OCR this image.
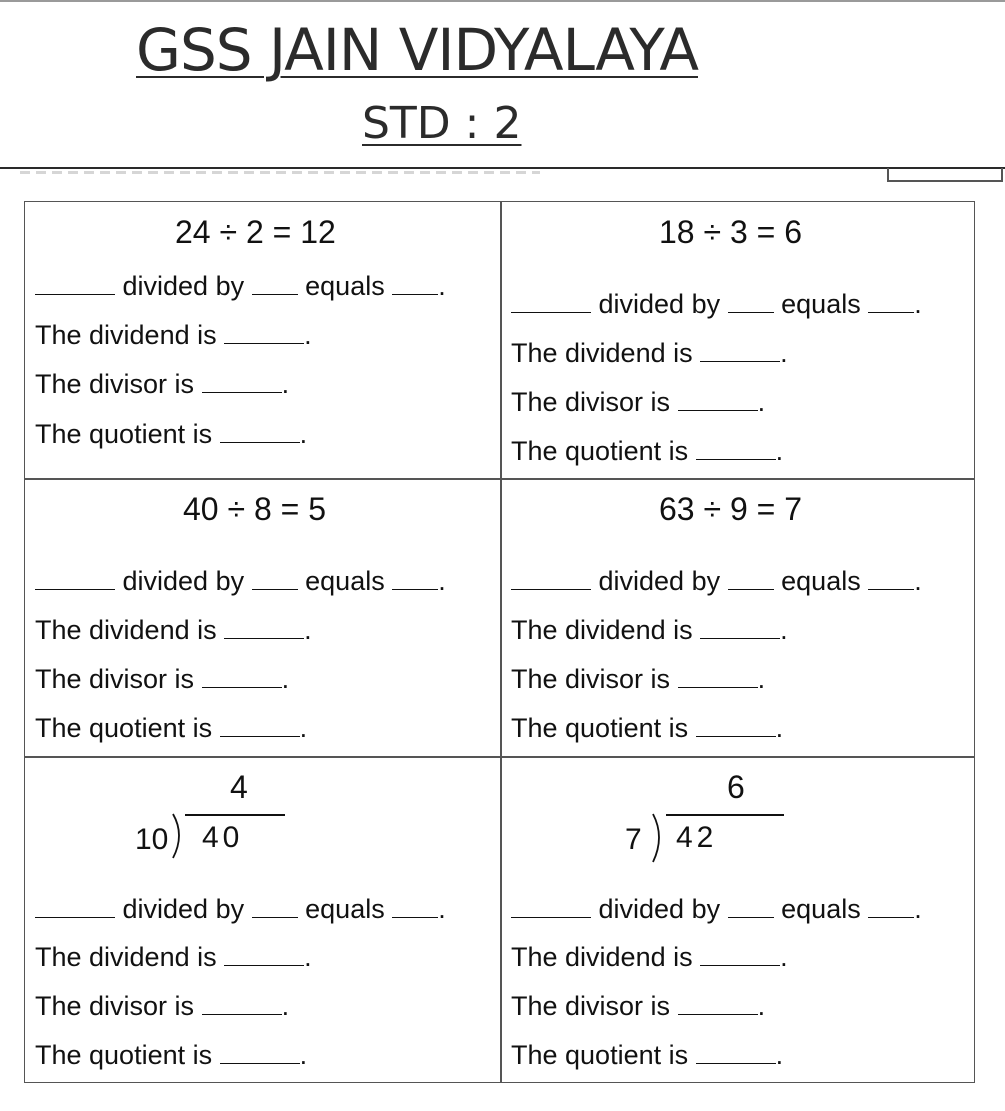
GSS JAIN VIDYALAYA
STD : 2
24 ÷ 2 = 12
divided by equals .
The dividend is	.
The divisor is	.
The quotient is	.
18 ÷ 3 = 6
divided by equals .
The dividend is	.
The divisor is	.
The quotient is	.
40 ÷ 8 = 5
divided by equals .
The dividend is	.
The divisor is	.
The quotient is	.
63 ÷ 9 = 7
divided by equals .
The dividend is	.
The divisor is	.
The quotient is	.
4
10 40
divided by equals .
The dividend is	.
The divisor is	.
The quotient is	.
6
7 42
divided by equals .
The dividend is	.
The divisor is	.
The quotient is	.
